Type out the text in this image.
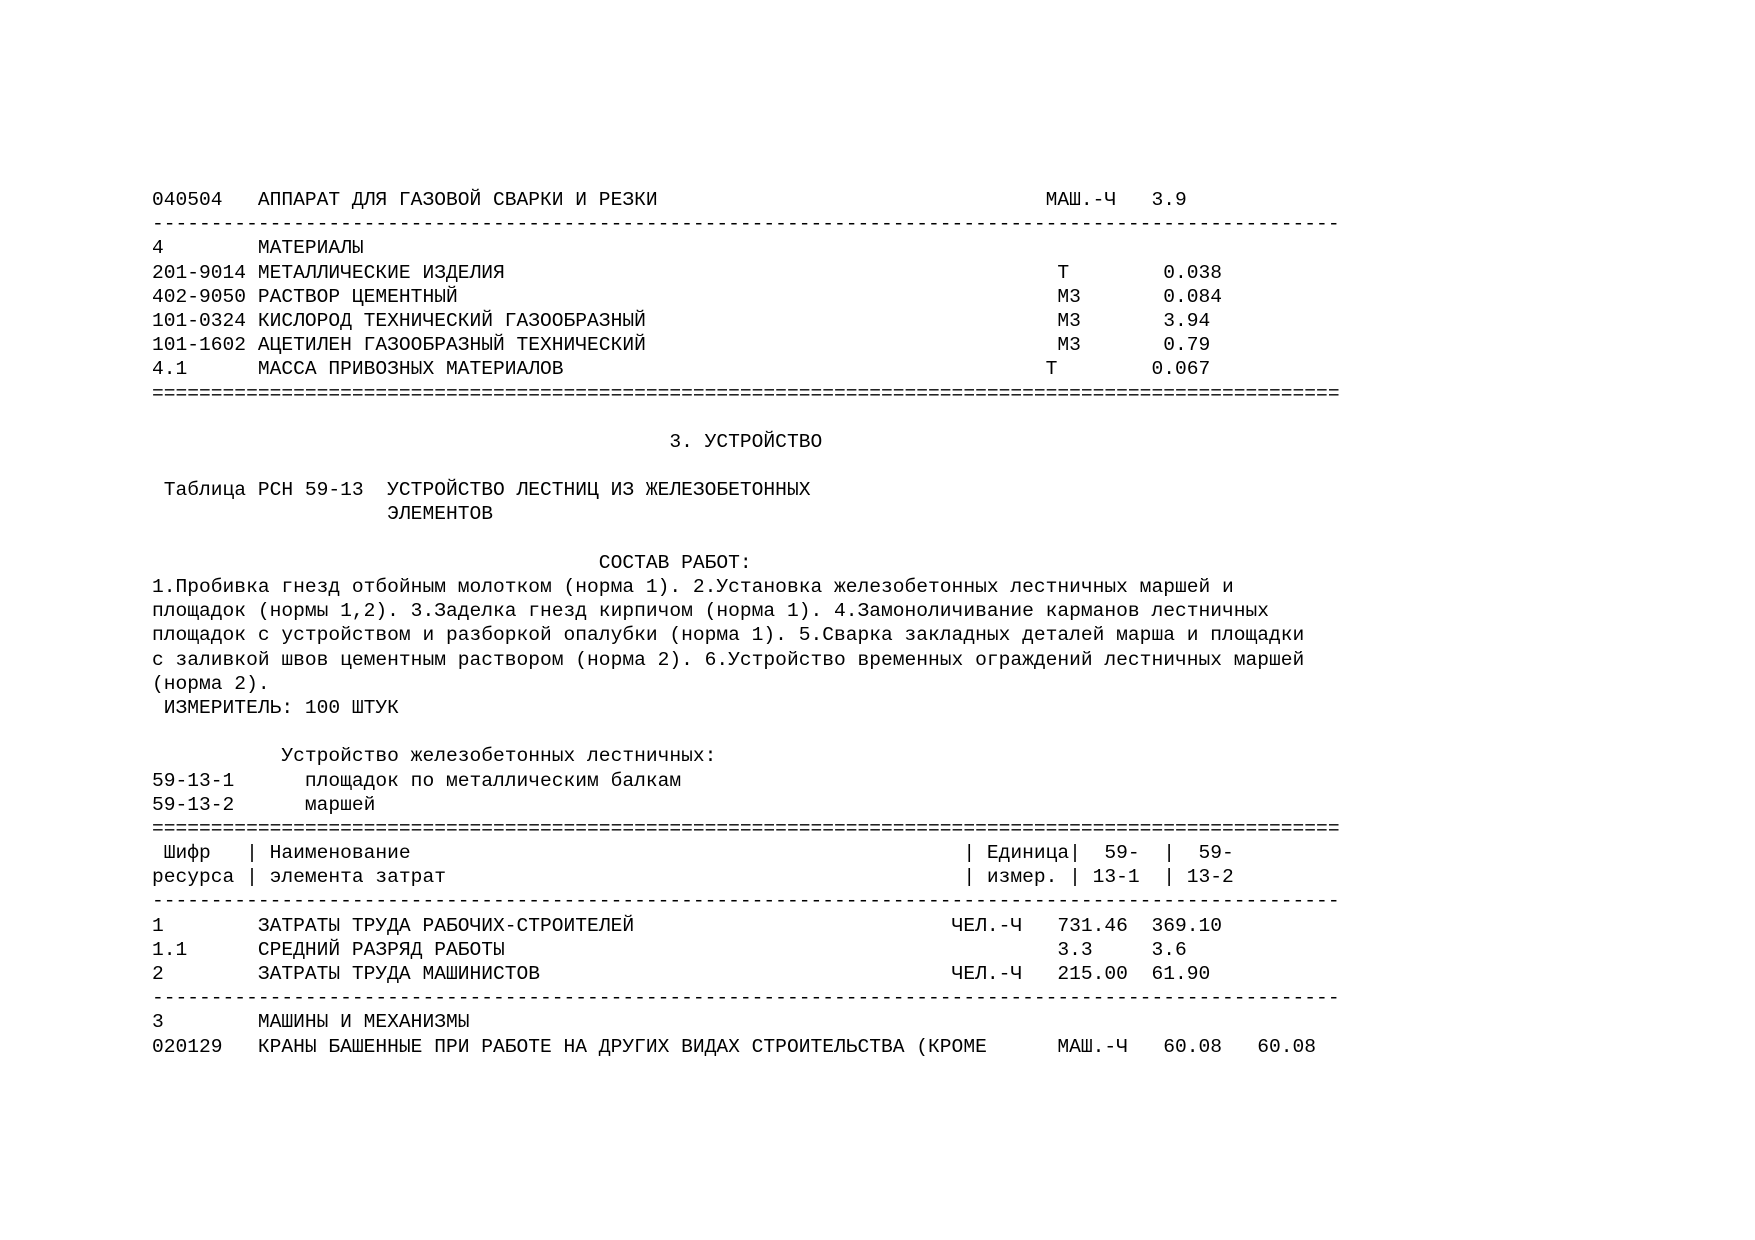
040504   АППАРАТ ДЛЯ ГАЗОВОЙ СВАРКИ И РЕЗКИ                                 МАШ.-Ч   3.9
-----------------------------------------------------------------------------------------------------
4        МАТЕРИАЛЫ
201-9014 МЕТАЛЛИЧЕСКИЕ ИЗДЕЛИЯ                                               Т        0.038
402-9050 РАСТВОР ЦЕМЕНТНЫЙ                                                   М3       0.084
101-0324 КИСЛОРОД ТЕХНИЧЕСКИЙ ГАЗООБРАЗНЫЙ                                   М3       3.94
101-1602 АЦЕТИЛЕН ГАЗООБРАЗНЫЙ ТЕХНИЧЕСКИЙ                                   М3       0.79
4.1      МАССА ПРИВОЗНЫХ МАТЕРИАЛОВ                                         Т        0.067
=====================================================================================================
3. УСТРОЙСТВО
Таблица РСН 59-13  УСТРОЙСТВО ЛЕСТНИЦ ИЗ ЖЕЛЕЗОБЕТОННЫХ
ЭЛЕМЕНТОВ
СОСТАВ РАБОТ:
1.Пробивка гнезд отбойным молотком (норма 1). 2.Установка железобетонных лестничных маршей и
площадок (нормы 1,2). 3.Заделка гнезд кирпичом (норма 1). 4.Замоноличивание карманов лестничных
площадок с устройством и разборкой опалубки (норма 1). 5.Сварка закладных деталей марша и площадки
с заливкой швов цементным раствором (норма 2). 6.Устройство временных ограждений лестничных маршей
(норма 2).
ИЗМЕРИТЕЛЬ: 100 ШТУК
Устройство железобетонных лестничных:
59-13-1      площадок по металлическим балкам
59-13-2      маршей
=====================================================================================================
Шифр   | Наименование                                               | Единица|  59-  |  59-
ресурса | элемента затрат                                            | измер. | 13-1  | 13-2
-----------------------------------------------------------------------------------------------------
1        ЗАТРАТЫ ТРУДА РАБОЧИХ-СТРОИТЕЛЕЙ                           ЧЕЛ.-Ч   731.46  369.10
1.1      СРЕДНИЙ РАЗРЯД РАБОТЫ                                               3.3     3.6
2        ЗАТРАТЫ ТРУДА МАШИНИСТОВ                                   ЧЕЛ.-Ч   215.00  61.90
-----------------------------------------------------------------------------------------------------
3        МАШИНЫ И МЕХАНИЗМЫ
020129   КРАНЫ БАШЕННЫЕ ПРИ РАБОТЕ НА ДРУГИХ ВИДАХ СТРОИТЕЛЬСТВА (КРОМЕ      МАШ.-Ч   60.08   60.08
